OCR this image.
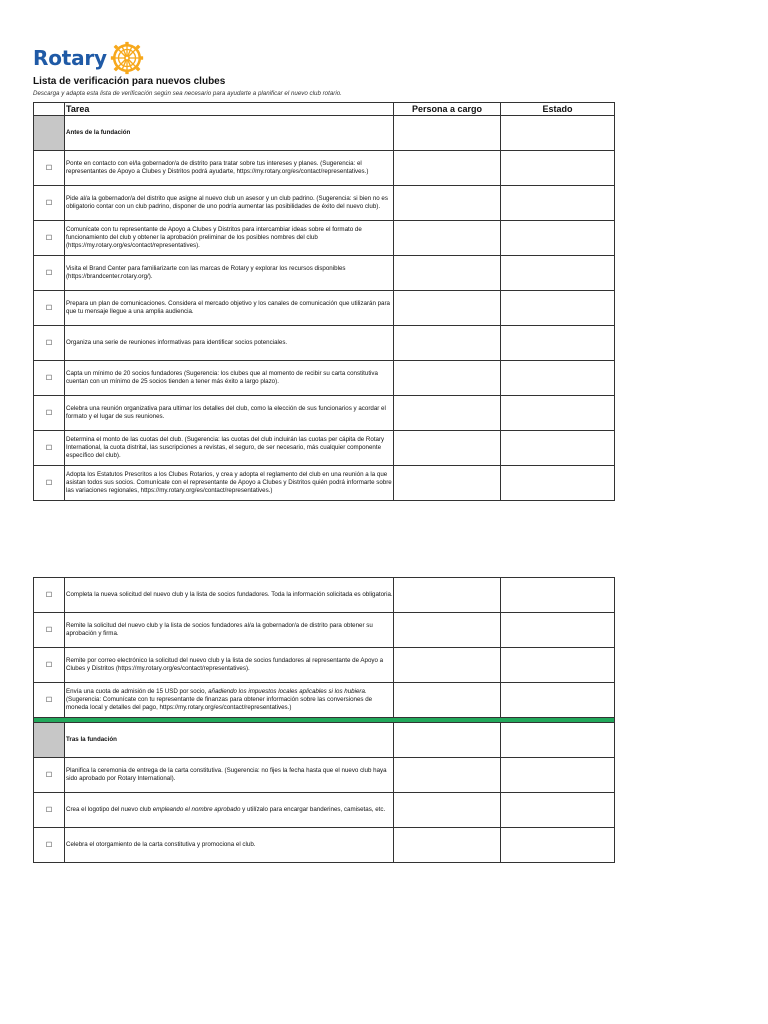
Rotary
Lista de verificación para nuevos clubes
Descarga y adapta esta lista de verificación según sea necesario para ayudarte a planificar el nuevo club rotario.
	Tarea	Persona a cargo	Estado
	Antes de la fundación		
☐	Ponte en contacto con el/la gobernador/a de distrito para tratar sobre tus intereses y planes. (Sugerencia: el representantes de Apoyo a Clubes y Distritos podrá ayudarte, https://my.rotary.org/es/contact/representatives.)		
☐	Pide al/a la gobernador/a del distrito que asigne al nuevo club un asesor y un club padrino. (Sugerencia: si bien no es obligatorio contar con un club padrino, disponer de uno podría aumentar las posibilidades de éxito del nuevo club).		
☐	Comunícate con tu representante de Apoyo a Clubes y Distritos para intercambiar ideas sobre el formato de funcionamiento del club y obtener la aprobación preliminar de los posibles nombres del club (https://my.rotary.org/es/contact/representatives).		
☐	Visita el Brand Center para familiarizarte con las marcas de Rotary y explorar los recursos disponibles (https://brandcenter.rotary.org/).		
☐	Prepara un plan de comunicaciones. Considera el mercado objetivo y los canales de comunicación que utilizarán para que tu mensaje llegue a una amplia audiencia.		
☐	Organiza una serie de reuniones informativas para identificar socios potenciales.		
☐	Capta un mínimo de 20 socios fundadores (Sugerencia: los clubes que al momento de recibir su carta constitutiva cuentan con un mínimo de 25 socios tienden a tener más éxito a largo plazo).		
☐	Celebra una reunión organizativa para ultimar los detalles del club, como la elección de sus funcionarios y acordar el formato y el lugar de sus reuniones.		
☐	Determina el monto de las cuotas del club. (Sugerencia: las cuotas del club incluirán las cuotas per cápita de Rotary International, la cuota distrital, las suscripciones a revistas, el seguro, de ser necesario, más cualquier componente específico del club).		
☐	Adopta los Estatutos Prescritos a los Clubes Rotarios, y crea y adopta el reglamento del club en una reunión a la que asistan todos sus socios. Comunícate con el representante de Apoyo a Clubes y Distritos quién podrá informarte sobre las variaciones regionales, https://my.rotary.org/es/contact/representatives.)		
☐	Completa la nueva solicitud del nuevo club y la lista de socios fundadores. Toda la información solicitada es obligatoria.		
☐	Remite la solicitud del nuevo club y la lista de socios fundadores al/a la gobernador/a de distrito para obtener su aprobación y firma.		
☐	Remite por correo electrónico la solicitud del nuevo club y la lista de socios fundadores al representante de Apoyo a Clubes y Distritos (https://my.rotary.org/es/contact/representatives).		
☐	Envía una cuota de admisión de 15 USD por socio, añadiendo los impuestos locales aplicables si los hubiera. (Sugerencia: Comunícate con tu representante de finanzas para obtener información sobre las conversiones de moneda local y detalles del pago, https://my.rotary.org/es/contact/representatives.)		

	Tras la fundación		
☐	Planifica la ceremonia de entrega de la carta constitutiva. (Sugerencia: no fijes la fecha hasta que el nuevo club haya sido aprobado por Rotary International).		
☐	Crea el logotipo del nuevo club empleando el nombre aprobado y utilízalo para encargar banderines, camisetas, etc.		
☐	Celebra el otorgamiento de la carta constitutiva y promociona el club.		
